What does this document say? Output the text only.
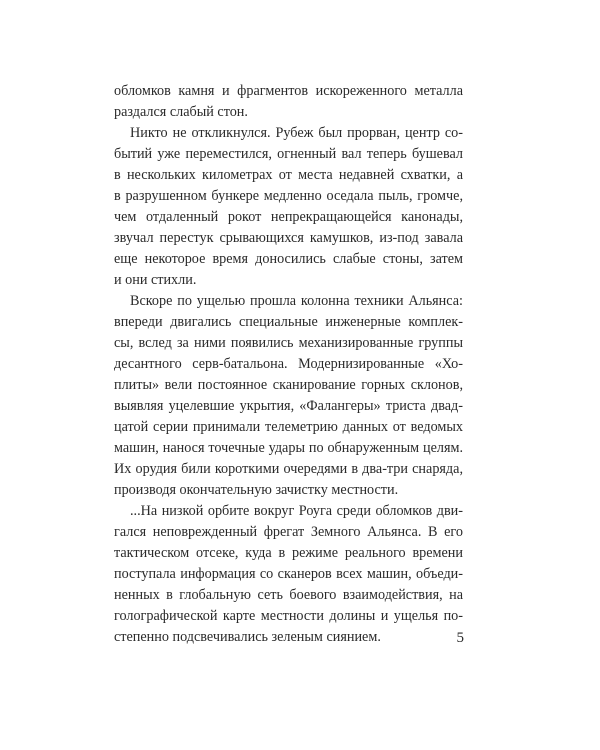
обломков камня и фрагментов искореженного металла
раздался слабый стон.
Никто не откликнулся. Рубеж был прорван, центр со-
бытий уже переместился, огненный вал теперь бушевал
в нескольких километрах от места недавней схватки, а
в разрушенном бункере медленно оседала пыль, громче,
чем отдаленный рокот непрекращающейся канонады,
звучал перестук срывающихся камушков, из-под завала
еще некоторое время доносились слабые стоны, затем
и они стихли.
Вскоре по ущелью прошла колонна техники Альянса:
впереди двигались специальные инженерные комплек-
сы, вслед за ними появились механизированные группы
десантного серв-батальона. Модернизированные «Хо-
плиты» вели постоянное сканирование горных склонов,
выявляя уцелевшие укрытия, «Фалангеры» триста двад-
цатой серии принимали телеметрию данных от ведомых
машин, нанося точечные удары по обнаруженным целям.
Их орудия били короткими очередями в два-три снаряда,
производя окончательную зачистку местности.
...На низкой орбите вокруг Роуга среди обломков дви-
гался неповрежденный фрегат Земного Альянса. В его
тактическом отсеке, куда в режиме реального времени
поступала информация со сканеров всех машин, объеди-
ненных в глобальную сеть боевого взаимодействия, на
голографической карте местности долины и ущелья по-
степенно подсвечивались зеленым сиянием.	5
